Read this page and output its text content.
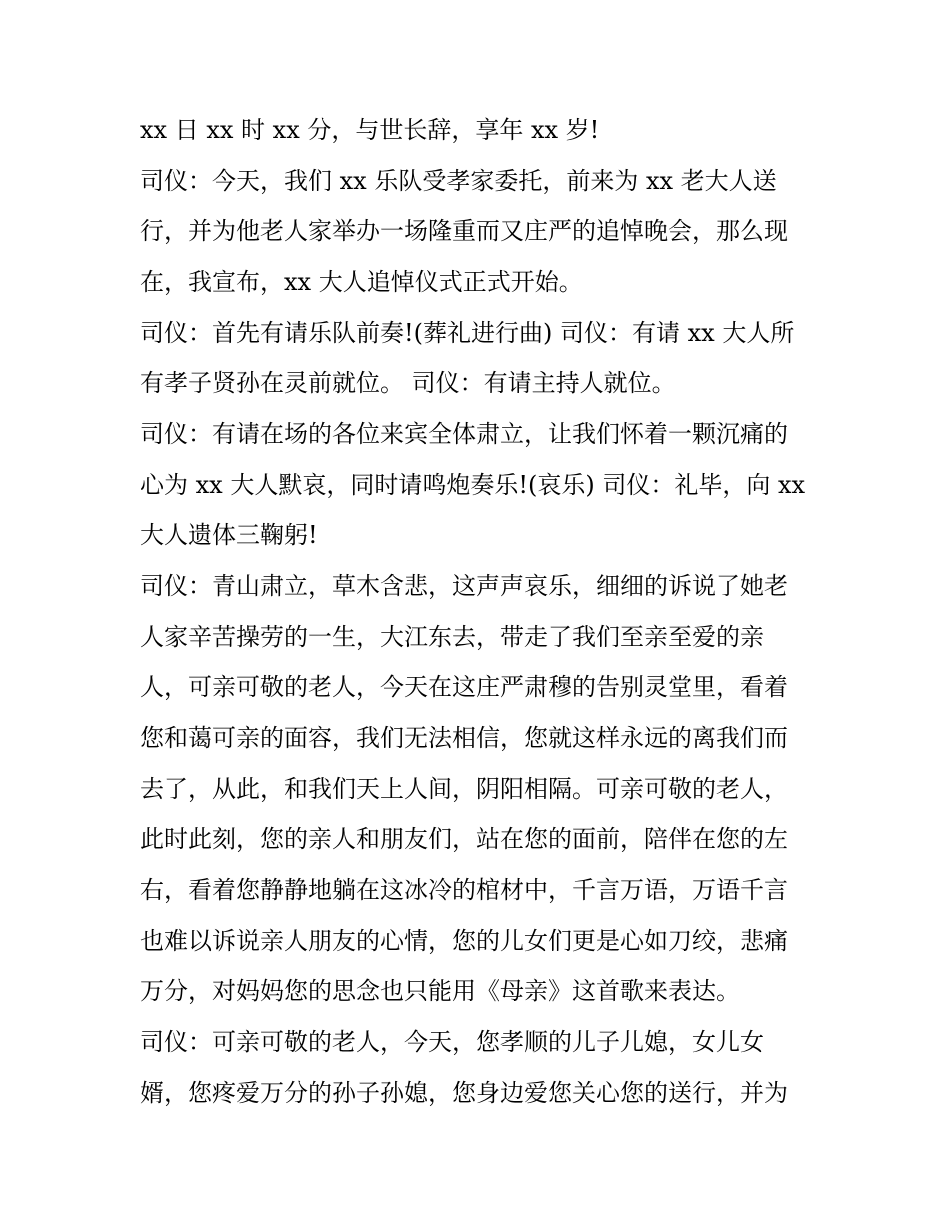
xx 日 xx 时 xx 分，与世长辞，享年 xx 岁!
司仪：今天，我们 xx 乐队受孝家委托，前来为 xx 老大人送
行，并为他老人家举办一场隆重而又庄严的追悼晚会，那么现
在，我宣布，xx 大人追悼仪式正式开始。
司仪：首先有请乐队前奏!(葬礼进行曲) 司仪：有请 xx 大人所
有孝子贤孙在灵前就位。 司仪：有请主持人就位。
司仪：有请在场的各位来宾全体肃立，让我们怀着一颗沉痛的
心为 xx 大人默哀，同时请鸣炮奏乐!(哀乐) 司仪：礼毕，向 xx
大人遗体三鞠躬!
司仪：青山肃立，草木含悲，这声声哀乐，细细的诉说了她老
人家辛苦操劳的一生，大江东去，带走了我们至亲至爱的亲
人，可亲可敬的老人，今天在这庄严肃穆的告别灵堂里，看着
您和蔼可亲的面容，我们无法相信，您就这样永远的离我们而
去了，从此，和我们天上人间，阴阳相隔。可亲可敬的老人，
此时此刻，您的亲人和朋友们，站在您的面前，陪伴在您的左
右，看着您静静地躺在这冰冷的棺材中，千言万语，万语千言
也难以诉说亲人朋友的心情，您的儿女们更是心如刀绞，悲痛
万分，对妈妈您的思念也只能用《母亲》这首歌来表达。
司仪：可亲可敬的老人，今天，您孝顺的儿子儿媳，女儿女
婿，您疼爱万分的孙子孙媳，您身边爱您关心您的送行，并为
